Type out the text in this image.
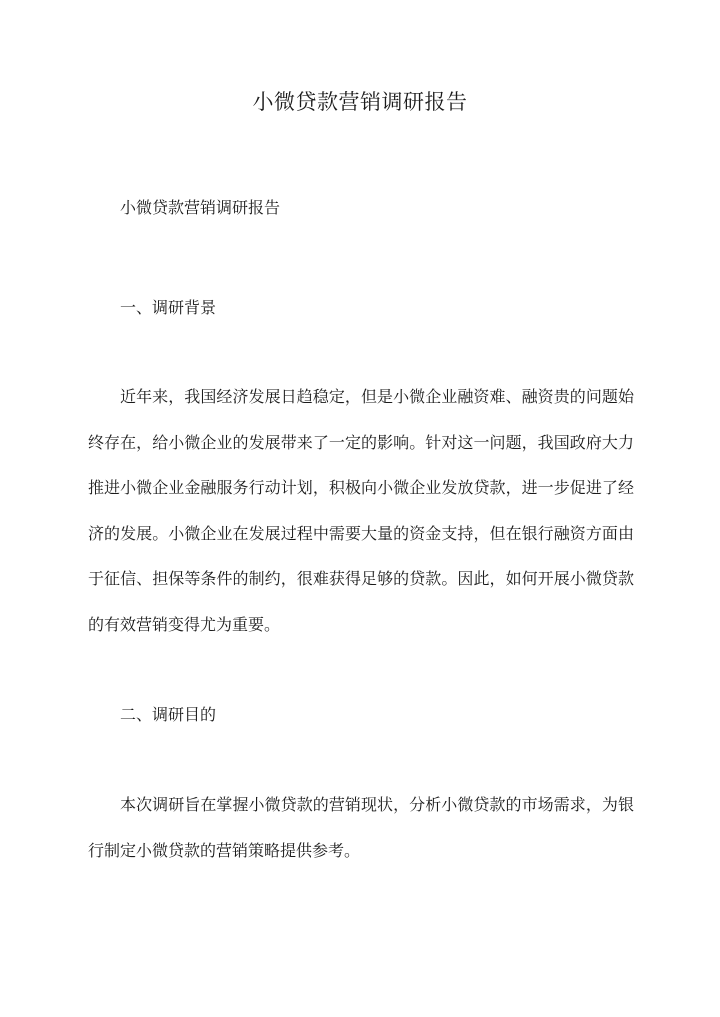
小微贷款营销调研报告

小微贷款营销调研报告

一、调研背景

近年来，我国经济发展日趋稳定，但是小微企业融资难、融资贵的问题始终存在，给小微企业的发展带来了一定的影响。针对这一问题，我国政府大力推进小微企业金融服务行动计划，积极向小微企业发放贷款，进一步促进了经济的发展。小微企业在发展过程中需要大量的资金支持，但在银行融资方面由于征信、担保等条件的制约，很难获得足够的贷款。因此，如何开展小微贷款的有效营销变得尤为重要。

二、调研目的

本次调研旨在掌握小微贷款的营销现状，分析小微贷款的市场需求，为银行制定小微贷款的营销策略提供参考。
